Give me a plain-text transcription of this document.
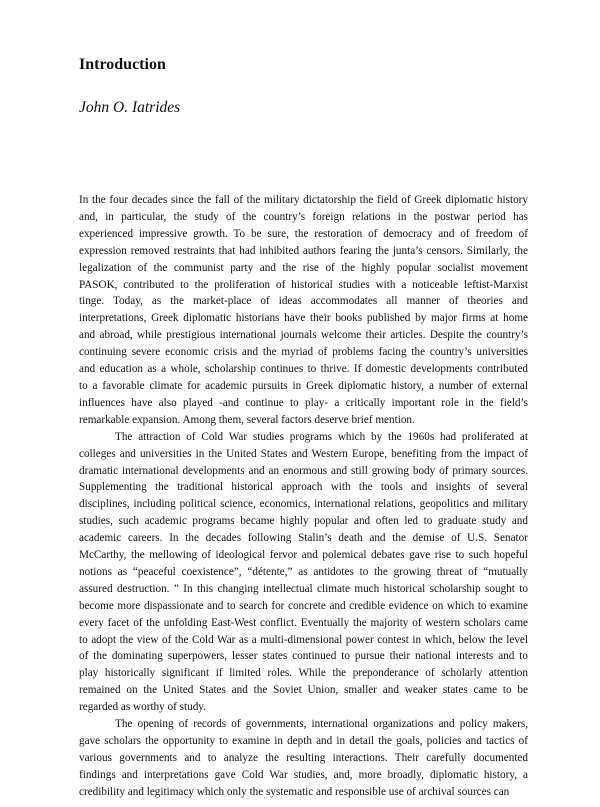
Introduction

John O. Iatrides

In the four decades since the fall of the military dictatorship the field of Greek diplomatic history
and, in particular, the study of the country’s foreign relations in the postwar period has
experienced impressive growth. To be sure, the restoration of democracy and of freedom of
expression removed restraints that had inhibited authors fearing the junta’s censors. Similarly, the
legalization of the communist party and the rise of the highly popular socialist movement
PASOK, contributed to the proliferation of historical studies with a noticeable leftist-Marxist
tinge. Today, as the market-place of ideas accommodates all manner of theories and
interpretations, Greek diplomatic historians have their books published by major firms at home
and abroad, while prestigious international journals welcome their articles. Despite the country’s
continuing severe economic crisis and the myriad of problems facing the country’s universities
and education as a whole, scholarship continues to thrive. If domestic developments contributed
to a favorable climate for academic pursuits in Greek diplomatic history, a number of external
influences have also played -and continue to play- a critically important role in the field’s
remarkable expansion. Among them, several factors deserve brief mention.

The attraction of Cold War studies programs which by the 1960s had proliferated at
colleges and universities in the United States and Western Europe, benefiting from the impact of
dramatic international developments and an enormous and still growing body of primary sources.
Supplementing the traditional historical approach with the tools and insights of several
disciplines, including political science, economics, international relations, geopolitics and military
studies, such academic programs became highly popular and often led to graduate study and
academic careers. In the decades following Stalin’s death and the demise of U.S. Senator
McCarthy, the mellowing of ideological fervor and polemical debates gave rise to such hopeful
notions as “peaceful coexistence”, “détente,” as antidotes to the growing threat of “mutually
assured destruction. ” In this changing intellectual climate much historical scholarship sought to
become more dispassionate and to search for concrete and credible evidence on which to examine
every facet of the unfolding East-West conflict. Eventually the majority of western scholars came
to adopt the view of the Cold War as a multi-dimensional power contest in which, below the level
of the dominating superpowers, lesser states continued to pursue their national interests and to
play historically significant if limited roles. While the preponderance of scholarly attention
remained on the United States and the Soviet Union, smaller and weaker states came to be
regarded as worthy of study.

The opening of records of governments, international organizations and policy makers,
gave scholars the opportunity to examine in depth and in detail the goals, policies and tactics of
various governments and to analyze the resulting interactions. Their carefully documented
findings and interpretations gave Cold War studies, and, more broadly, diplomatic history, a
credibility and legitimacy which only the systematic and responsible use of archival sources can
